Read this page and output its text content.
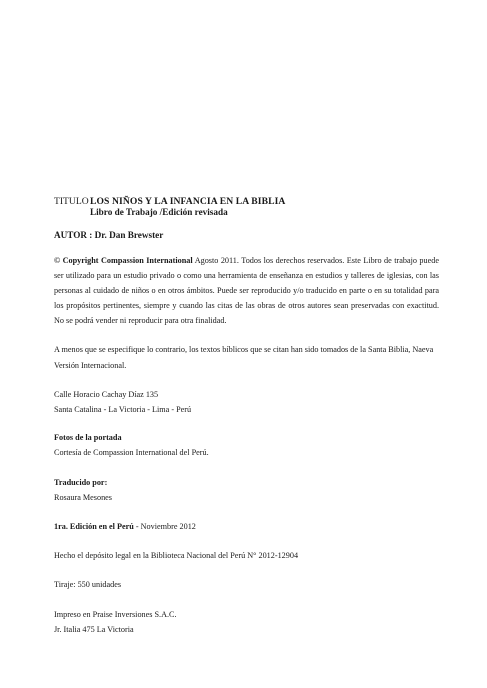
TITULO LOS NIÑOS Y LA INFANCIA EN LA BIBLIA
Libro de Trabajo /Edición revisada
AUTOR : Dr. Dan Brewster
© Copyright Compassion International Agosto 2011. Todos los derechos reservados. Este Libro de trabajo puede ser utilizado para un estudio privado o como una herramienta de enseñanza en estudios y talleres de iglesias, con las personas al cuidado de niños o en otros ámbitos. Puede ser reproducido y/o traducido en parte o en su totalidad para los propósitos pertinentes, siempre y cuando las citas de las obras de otros autores sean preservadas con exactitud. No se podrá vender ni reproducir para otra finalidad.
A menos que se especifique lo contrario, los textos bíblicos que se citan han sido tomados de la Santa Biblia, Naeva Versión Internacional.
Calle Horacio Cachay Díaz 135
Santa Catalina - La Victoria - Lima - Perú
Fotos de la portada
Cortesía de Compassion International del Perú.
Traducido por:
Rosaura Mesones
1ra. Edición en el Perú - Noviembre 2012
Hecho el depósito legal en la Biblioteca Nacional del Perú N° 2012-12904
Tiraje: 550 unidades
Impreso en Praise Inversiones S.A.C.
Jr. Italia 475 La Victoria
